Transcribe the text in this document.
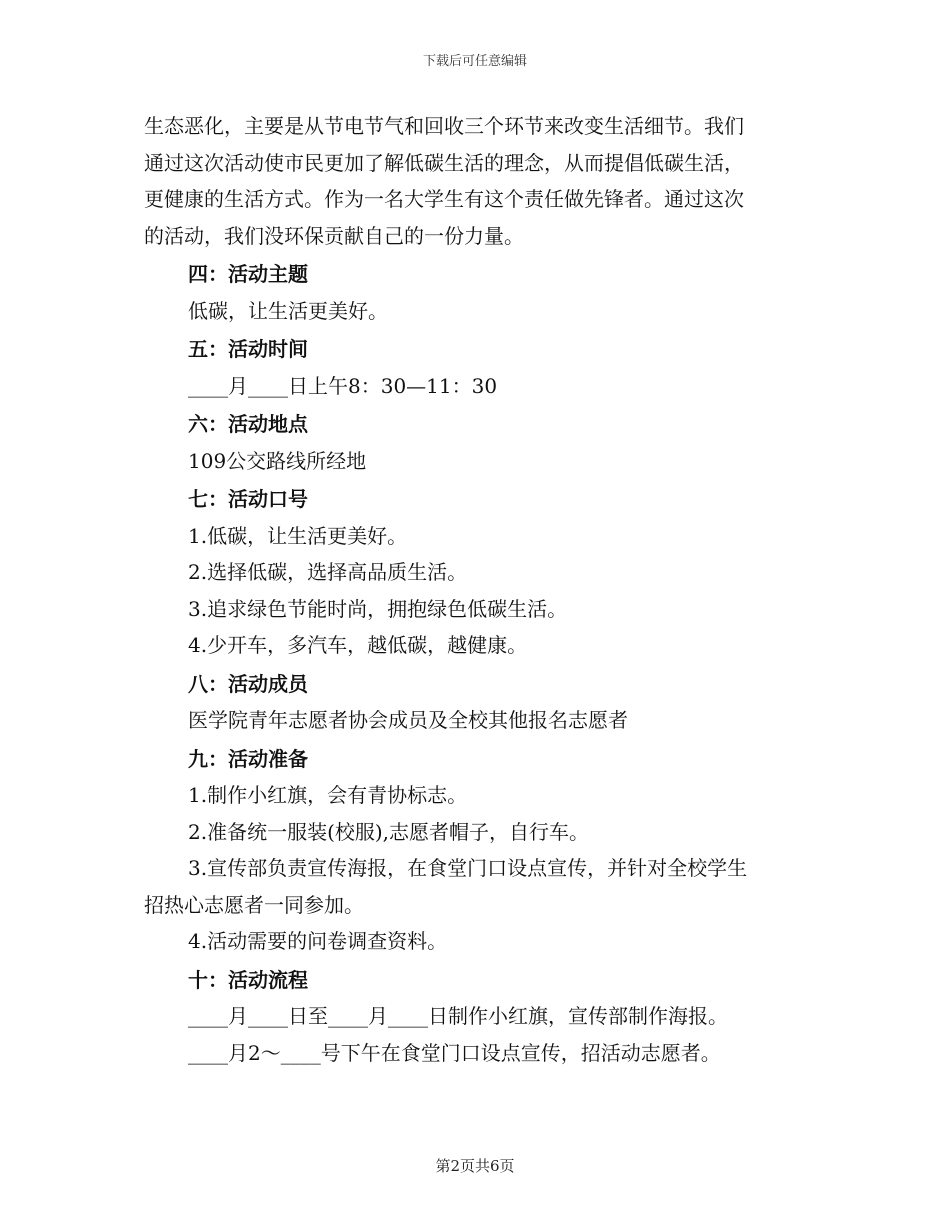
下载后可任意编辑

生态恶化，主要是从节电节气和回收三个环节来改变生活细节。我们

通过这次活动使市民更加了解低碳生活的理念，从而提倡低碳生活，

更健康的生活方式。作为一名大学生有这个责任做先锋者。通过这次

的活动，我们没环保贡献自己的一份力量。

四：活动主题

低碳，让生活更美好。

五：活动时间

____月____日上午8：30—11：30

六：活动地点

109公交路线所经地

七：活动口号

1.低碳，让生活更美好。

2.选择低碳，选择高品质生活。

3.追求绿色节能时尚，拥抱绿色低碳生活。

4.少开车，多汽车，越低碳，越健康。

八：活动成员

医学院青年志愿者协会成员及全校其他报名志愿者

九：活动准备

1.制作小红旗，会有青协标志。

2.准备统一服装(校服),志愿者帽子，自行车。

3.宣传部负责宣传海报，在食堂门口设点宣传，并针对全校学生

招热心志愿者一同参加。

4.活动需要的问卷调查资料。

十：活动流程

____月____日至____月____日制作小红旗，宣传部制作海报。

____月2～____号下午在食堂门口设点宣传，招活动志愿者。

第2页共6页
